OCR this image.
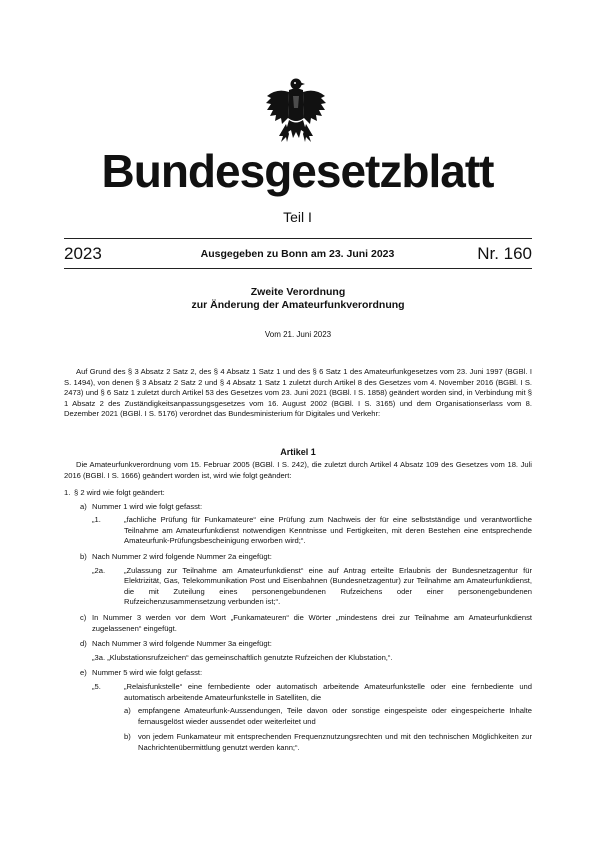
Bundesgesetzblatt
Teil I
2023	Ausgegeben zu Bonn am 23. Juni 2023	Nr. 160
Zweite Verordnung
zur Änderung der Amateurfunkverordnung
Vom 21. Juni 2023
Auf Grund des § 3 Absatz 2 Satz 2, des § 4 Absatz 1 Satz 1 und des § 6 Satz 1 des Amateurfunkgesetzes vom 23. Juni 1997 (BGBl. I S. 1494), von denen § 3 Absatz 2 Satz 2 und § 4 Absatz 1 Satz 1 zuletzt durch Artikel 8 des Gesetzes vom 4. November 2016 (BGBl. I S. 2473) und § 6 Satz 1 zuletzt durch Artikel 53 des Gesetzes vom 23. Juni 2021 (BGBl. I S. 1858) geändert worden sind, in Verbindung mit § 1 Absatz 2 des Zuständigkeitsanpassungsgesetzes vom 16. August 2002 (BGBl. I S. 3165) und dem Organisationserlass vom 8. Dezember 2021 (BGBl. I S. 5176) verordnet das Bundesministerium für Digitales und Verkehr:
Artikel 1
Die Amateurfunkverordnung vom 15. Februar 2005 (BGBl. I S. 242), die zuletzt durch Artikel 4 Absatz 109 des Gesetzes vom 18. Juli 2016 (BGBl. I S. 1666) geändert worden ist, wird wie folgt geändert:
1. § 2 wird wie folgt geändert:
a) Nummer 1 wird wie folgt gefasst:
„1.	„fachliche Prüfung für Funkamateure“ eine Prüfung zum Nachweis der für eine selbstständige und verantwortliche Teilnahme am Amateurfunkdienst notwendigen Kenntnisse und Fertigkeiten, mit deren Bestehen eine entsprechende Amateurfunk-Prüfungsbescheinigung erworben wird;“.
b) Nach Nummer 2 wird folgende Nummer 2a eingefügt:
„2a. „Zulassung zur Teilnahme am Amateurfunkdienst“ eine auf Antrag erteilte Erlaubnis der Bundesnetzagentur für Elektrizität, Gas, Telekommunikation Post und Eisenbahnen (Bundesnetzagentur) zur Teilnahme am Amateurfunkdienst, die mit Zuteilung eines personengebundenen Rufzeichens oder einer personengebundenen Rufzeichenzusammensetzung verbunden ist;“.
c) In Nummer 3 werden vor dem Wort „Funkamateuren“ die Wörter „mindestens drei zur Teilnahme am Amateurfunkdienst zugelassenen“ eingefügt.
d) Nach Nummer 3 wird folgende Nummer 3a eingefügt:
„3a. „Klubstationsrufzeichen“ das gemeinschaftlich genutzte Rufzeichen der Klubstation,“.
e) Nummer 5 wird wie folgt gefasst:
„5.	„Relaisfunkstelle“ eine fernbediente oder automatisch arbeitende Amateurfunkstelle oder eine fernbediente und automatisch arbeitende Amateurfunkstelle in Satelliten, die
a) empfangene Amateurfunk-Aussendungen, Teile davon oder sonstige eingespeiste oder eingespeicherte Inhalte fernausgelöst wieder aussendet oder weiterleitet und
b) von jedem Funkamateur mit entsprechenden Frequenznutzungsrechten und mit den technischen Möglichkeiten zur Nachrichtenübermittlung genutzt werden kann;“.
